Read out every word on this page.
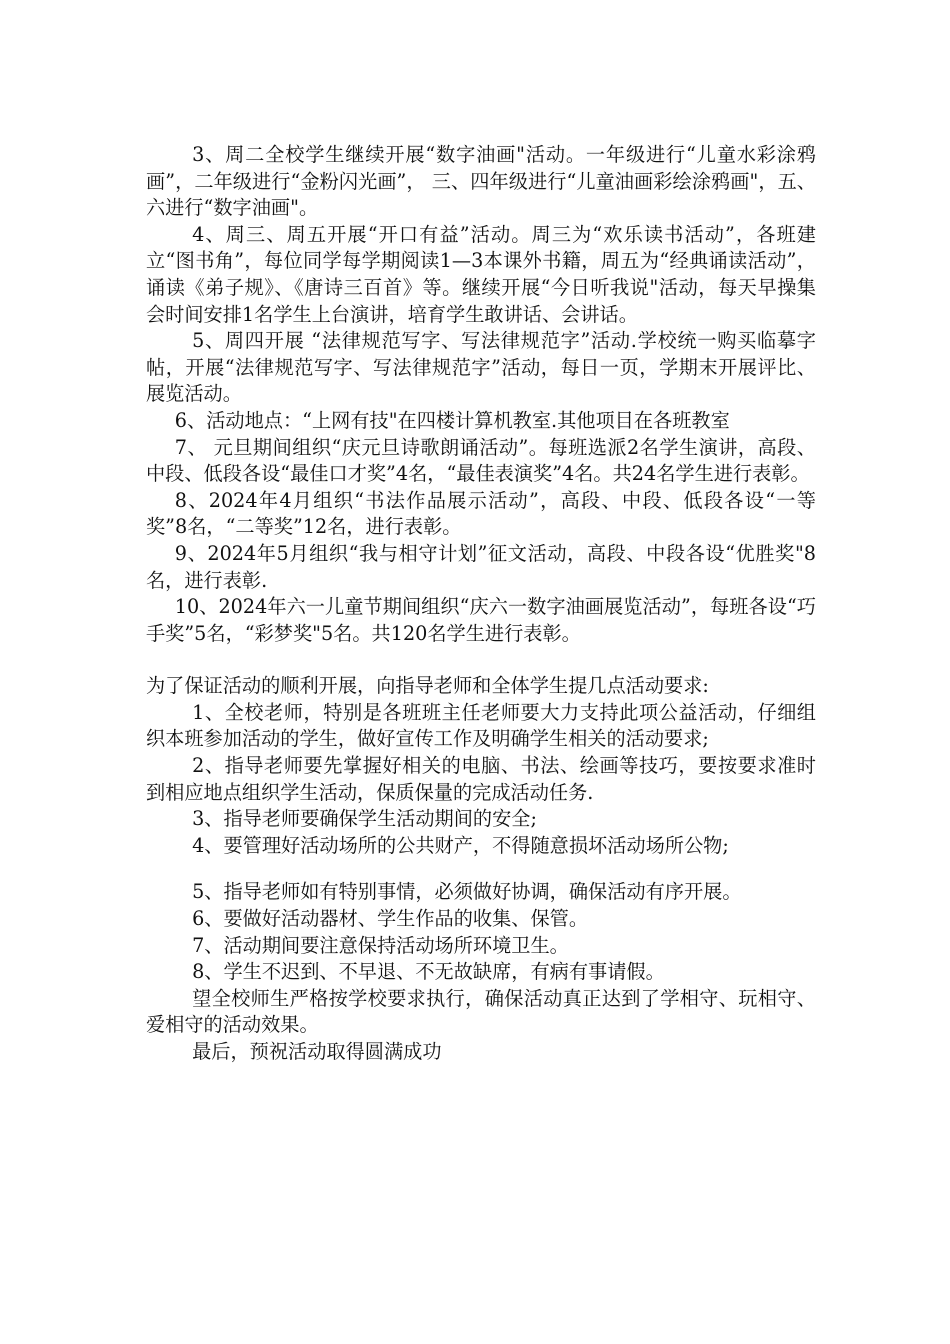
3、周二全校学生继续开展“数字油画"活动。一年级进行“儿童水彩涂鸦画”，二年级进行“金粉闪光画”， 三、四年级进行“儿童油画彩绘涂鸦画"，五、六进行“数字油画"。

4、周三、周五开展“开口有益”活动。周三为“欢乐读书活动”，各班建立“图书角”，每位同学每学期阅读1—3本课外书籍，周五为“经典诵读活动”，诵读《弟子规》、《唐诗三百首》等。继续开展“今日听我说"活动，每天早操集会时间安排1名学生上台演讲，培育学生敢讲话、会讲话。

5、周四开展 “法律规范写字、写法律规范字”活动.学校统一购买临摹字帖，开展“法律规范写字、写法律规范字”活动，每日一页，学期末开展评比、展览活动。

6、活动地点：“上网有技"在四楼计算机教室.其他项目在各班教室

7、 元旦期间组织“庆元旦诗歌朗诵活动”。每班选派2名学生演讲，高段、中段、低段各设“最佳口才奖”4名，“最佳表演奖”4名。共24名学生进行表彰。

8、2024年4月组织“书法作品展示活动”，高段、中段、低段各设“一等奖”8名，“二等奖”12名，进行表彰。

9、2024年5月组织“我与相守计划”征文活动，高段、中段各设“优胜奖"8名，进行表彰.

10、2024年六一儿童节期间组织“庆六一数字油画展览活动”，每班各设“巧手奖”5名，“彩梦奖"5名。共120名学生进行表彰。

为了保证活动的顺利开展，向指导老师和全体学生提几点活动要求:

1、全校老师，特别是各班班主任老师要大力支持此项公益活动，仔细组织本班参加活动的学生，做好宣传工作及明确学生相关的活动要求;

2、指导老师要先掌握好相关的电脑、书法、绘画等技巧，要按要求准时到相应地点组织学生活动，保质保量的完成活动任务.

3、指导老师要确保学生活动期间的安全;

4、要管理好活动场所的公共财产，不得随意损坏活动场所公物;

5、指导老师如有特别事情，必须做好协调，确保活动有序开展。

6、要做好活动器材、学生作品的收集、保管。

7、活动期间要注意保持活动场所环境卫生。

8、学生不迟到、不早退、不无故缺席，有病有事请假。

望全校师生严格按学校要求执行，确保活动真正达到了学相守、玩相守、爱相守的活动效果。

最后，预祝活动取得圆满成功
